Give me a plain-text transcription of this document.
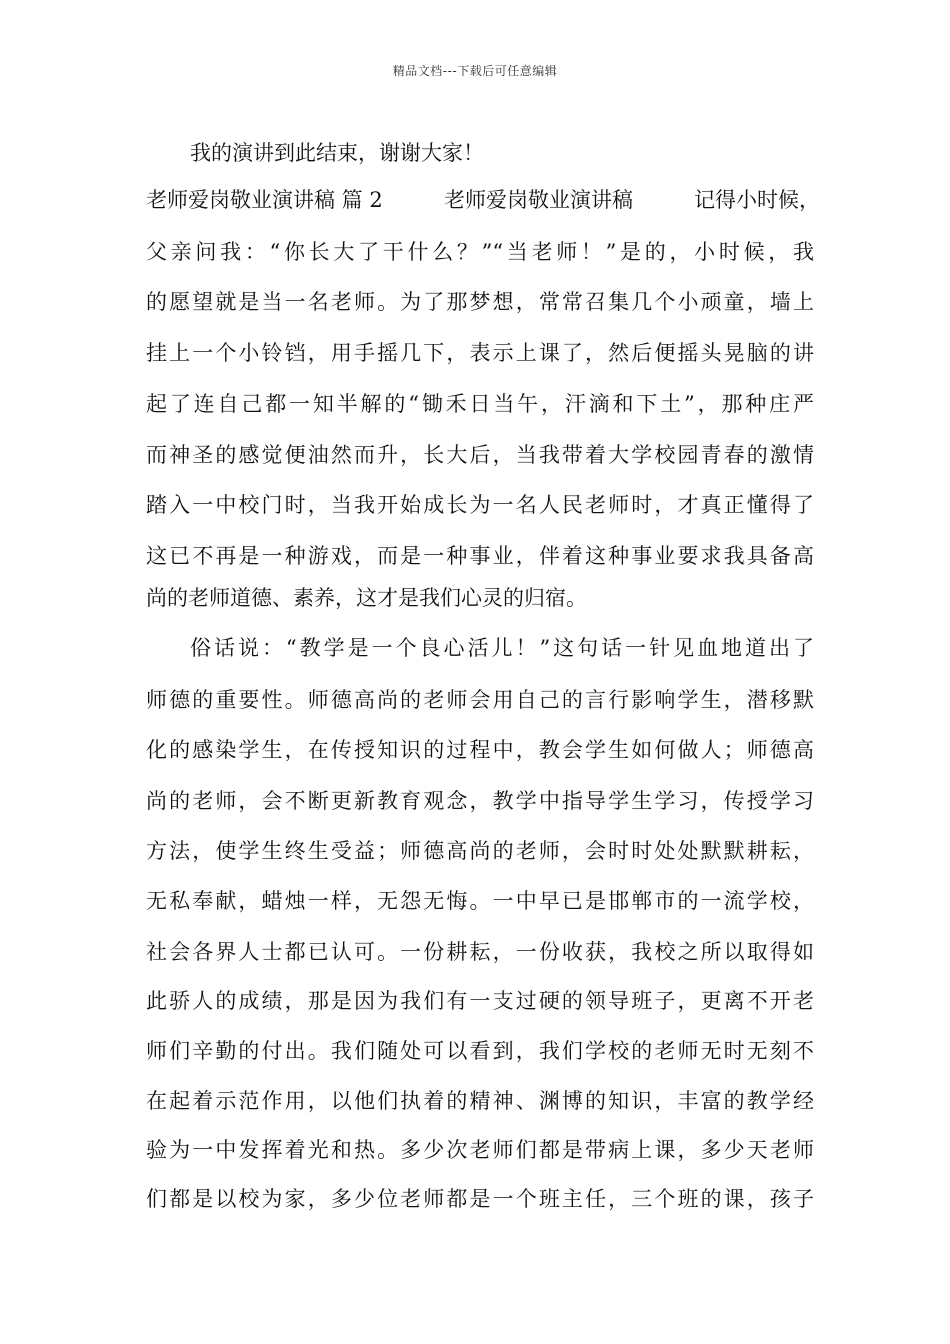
精品文档---下载后可任意编辑

我的演讲到此结束，谢谢大家！

老师爱岗敬业演讲稿 篇 2	老师爱岗敬业演讲稿	记得小时候，

父亲问我：“你长大了干什么？”“当老师！”是的，小时候，我

的愿望就是当一名老师。为了那梦想，常常召集几个小顽童，墙上

挂上一个小铃铛，用手摇几下，表示上课了，然后便摇头晃脑的讲

起了连自己都一知半解的“锄禾日当午，汗滴和下土”，那种庄严

而神圣的感觉便油然而升，长大后，当我带着大学校园青春的激情

踏入一中校门时，当我开始成长为一名人民老师时，才真正懂得了

这已不再是一种游戏，而是一种事业，伴着这种事业要求我具备高

尚的老师道德、素养，这才是我们心灵的归宿。

俗话说：“教学是一个良心活儿！”这句话一针见血地道出了

师德的重要性。师德高尚的老师会用自己的言行影响学生，潜移默

化的感染学生，在传授知识的过程中，教会学生如何做人；师德高

尚的老师，会不断更新教育观念，教学中指导学生学习，传授学习

方法，使学生终生受益；师德高尚的老师，会时时处处默默耕耘，

无私奉献，蜡烛一样，无怨无悔。一中早已是邯郸市的一流学校，

社会各界人士都已认可。一份耕耘，一份收获，我校之所以取得如

此骄人的成绩，那是因为我们有一支过硬的领导班子，更离不开老

师们辛勤的付出。我们随处可以看到，我们学校的老师无时无刻不

在起着示范作用，以他们执着的精神、渊博的知识，丰富的教学经

验为一中发挥着光和热。多少次老师们都是带病上课，多少天老师

们都是以校为家，多少位老师都是一个班主任，三个班的课，孩子
